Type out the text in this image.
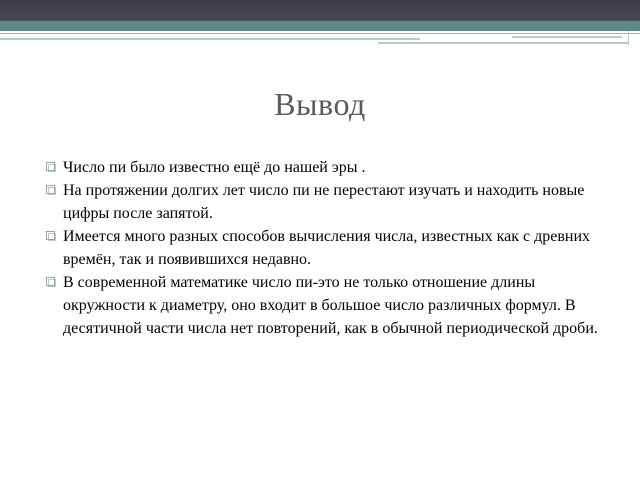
Вывод
Число пи было известно ещё до нашей эры .
На протяжении долгих лет число пи не перестают изучать и находить новые цифры после запятой.
Имеется много разных способов вычисления числа, известных как с древних времён, так и появившихся недавно.
В современной математике число пи-это не только отношение длины окружности к диаметру, оно входит в большое число различных формул. В десятичной части числа нет повторений, как в обычной периодической дроби.
